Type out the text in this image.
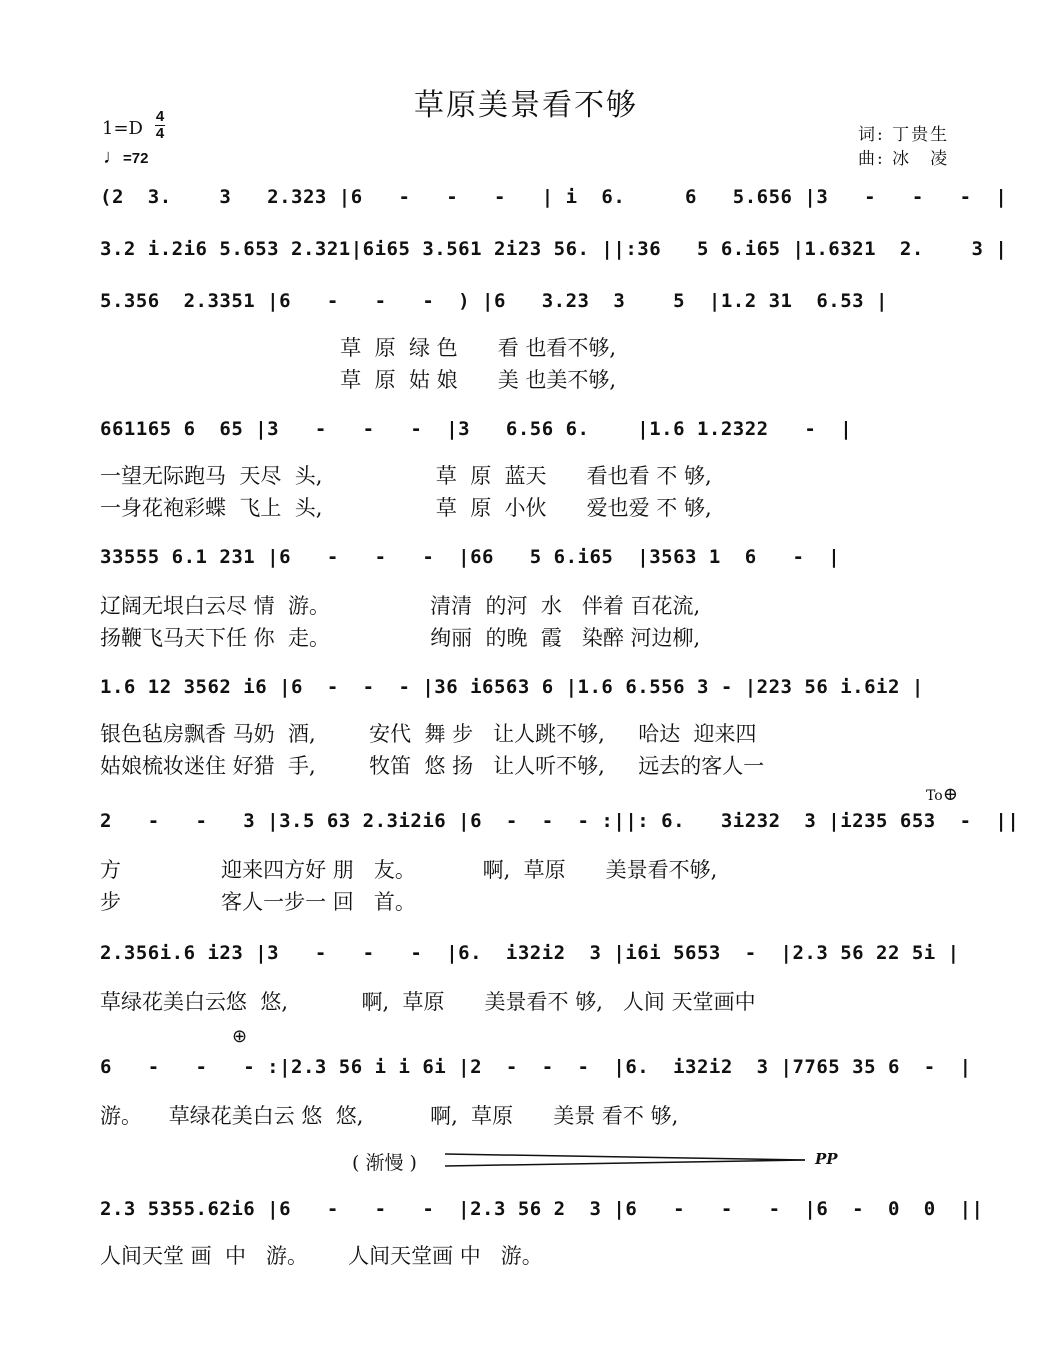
草原美景看不够
1=D
4
4
♩=72
词: 丁贵生
曲: 冰　凌
(2  3.    3   2.323 |6   -   -   -   | i  6.     6   5.656 |3   -   -   -  |
3.2 i.2i6 5.653 2.321|6i65 3.561 2i23 56. ||:36   5 6.i65 |1.6321  2.    3 |
5.356  2.3351 |6   -   -   -  ) |6   3.23  3    5  |1.2 31  6.53 |
草  原  绿 色      看 也看不够,
草  原  姑 娘      美 也美不够,
661165 6  65 |3   -   -   -  |3   6.56 6.    |1.6 1.2322   -  |
一望无际跑马  天尽  头,                 草  原  蓝天      看也看 不 够,
一身花袍彩蝶  飞上  头,                 草  原  小伙      爱也爱 不 够,
33555 6.1 231 |6   -   -   -  |66   5 6.i65  |3563 1  6   -  |
辽阔无垠白云尽 情  游。               清清  的河  水   伴着 百花流,
扬鞭飞马天下任 你  走。               绚丽  的晚  霞   染醉 河边柳,
1.6 12 3562 i6 |6  -  -  - |36 i6563 6 |1.6 6.556 3 - |223 56 i.6i2 |
银色毡房飘香 马奶  酒,        安代  舞 步   让人跳不够,     哈达  迎来四
姑娘梳妆迷住 好猎  手,        牧笛  悠 扬   让人听不够,     远去的客人一
To⊕
2   -   -   3 |3.5 63 2.3i2i6 |6  -  -  - :||: 6.   3i232  3 |i235 653  -  ||
方               迎来四方好 朋   友。          啊,  草原      美景看不够,
步               客人一步一 回   首。
2.356i.6 i23 |3   -   -   -  |6.  i32i2  3 |i6i 5653  -  |2.3 56 22 5i |
草绿花美白云悠  悠,           啊,  草原      美景看不 够,   人间 天堂画中
⊕
6   -   -   - :|2.3 56 i i 6i |2  -  -  -  |6.  i32i2  3 |7765 35 6  -  |
游。    草绿花美白云 悠  悠,          啊,  草原      美景 看不 够,
( 渐慢 )	PP
2.3 5355.62i6 |6   -   -   -  |2.3 56 2  3 |6   -   -   -  |6  -  0  0  ||
人间天堂 画  中   游。      人间天堂画 中   游。
